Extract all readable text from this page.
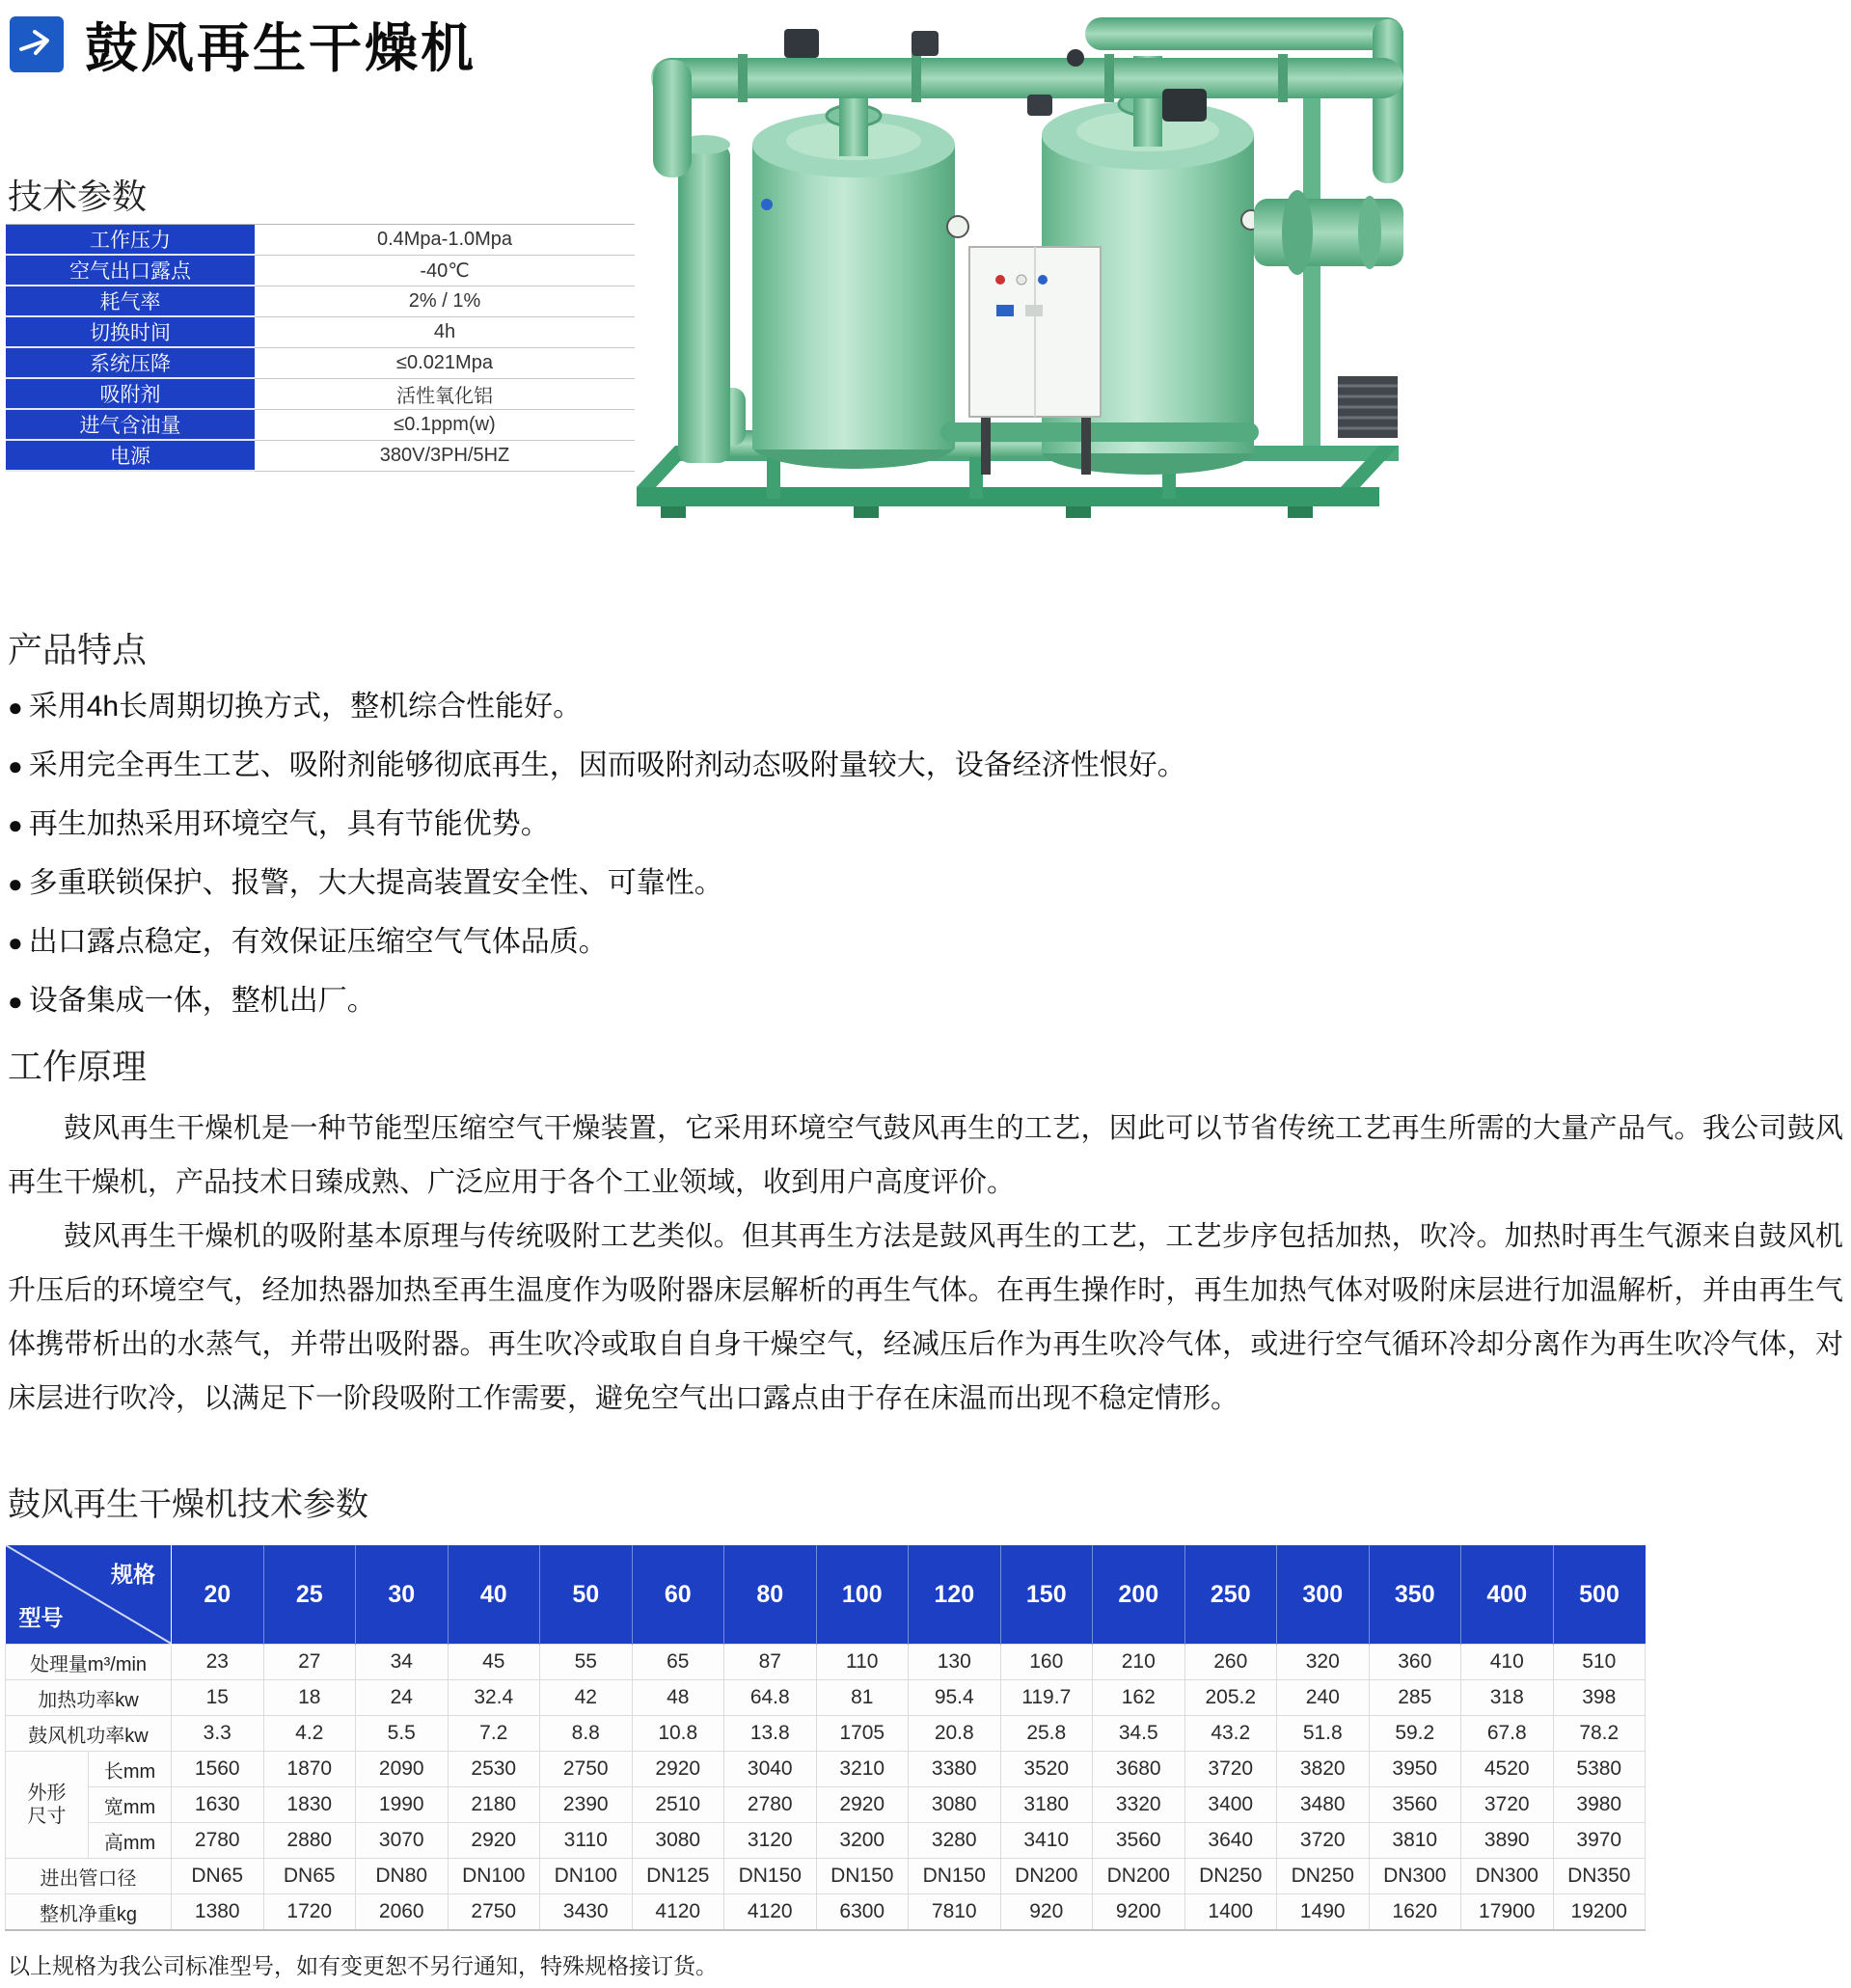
鼓风再生干燥机
技术参数
工作压力	0.4Mpa-1.0Mpa
空气出口露点	-40℃
耗气率	2% / 1%
切换时间	4h
系统压降	≤0.021Mpa
吸附剂	活性氧化铝
进气含油量	≤0.1ppm(w)
电源	380V/3PH/5HZ
产品特点
● 采用4h长周期切换方式，整机综合性能好。
● 采用完全再生工艺、吸附剂能够彻底再生，因而吸附剂动态吸附量较大，设备经济性恨好。
● 再生加热采用环境空气，具有节能优势。
● 多重联锁保护、报警，大大提高装置安全性、可靠性。
● 出口露点稳定，有效保证压缩空气气体品质。
● 设备集成一体，整机出厂。
工作原理

鼓风再生干燥机是一种节能型压缩空气干燥装置，它采用环境空气鼓风再生的工艺，因此可以节省传统工艺再生所需的大量产品气。我公司鼓风再生干燥机，产品技术日臻成熟、广泛应用于各个工业领域，收到用户高度评价。

鼓风再生干燥机的吸附基本原理与传统吸附工艺类似。但其再生方法是鼓风再生的工艺，工艺步序包括加热，吹冷。加热时再生气源来自鼓风机升压后的环境空气，经加热器加热至再生温度作为吸附器床层解析的再生气体。在再生操作时，再生加热气体对吸附床层进行加温解析，并由再生气体携带析出的水蒸气，并带出吸附器。再生吹冷或取自自身干燥空气，经减压后作为再生吹冷气体，或进行空气循环冷却分离作为再生吹冷气体，对床层进行吹冷，以满足下一阶段吸附工作需要，避免空气出口露点由于存在床温而出现不稳定情形。

鼓风再生干燥机技术参数
规格
型号		20	25	30	40	50	60	80	100	120	150	200	250	300	350	400	500
处理量m³/min		23	27	34	45	55	65	87	110	130	160	210	260	320	360	410	510
加热功率kw		15	18	24	32.4	42	48	64.8	81	95.4	119.7	162	205.2	240	285	318	398
鼓风机功率kw		3.3	4.2	5.5	7.2	8.8	10.8	13.8	1705	20.8	25.8	34.5	43.2	51.8	59.2	67.8	78.2

外形
尺寸	长mm	1560	1870	2090	2530	2750	2920	3040	3210	3380	3520	3680	3720	3820	3950	4520	5380
	宽mm	1630	1830	1990	2180	2390	2510	2780	2920	3080	3180	3320	3400	3480	3560	3720	3980
	高mm	2780	2880	3070	2920	3110	3080	3120	3200	3280	3410	3560	3640	3720	3810	3890	3970
进出管口径		DN65	DN65	DN80	DN100	DN100	DN125	DN150	DN150	DN150	DN200	DN200	DN250	DN250	DN300	DN300	DN350
整机净重kg		1380	1720	2060	2750	3430	4120	4120	6300	7810	920	9200	1400	1490	1620	17900	19200
以上规格为我公司标准型号，如有变更恕不另行通知，特殊规格接订货。
